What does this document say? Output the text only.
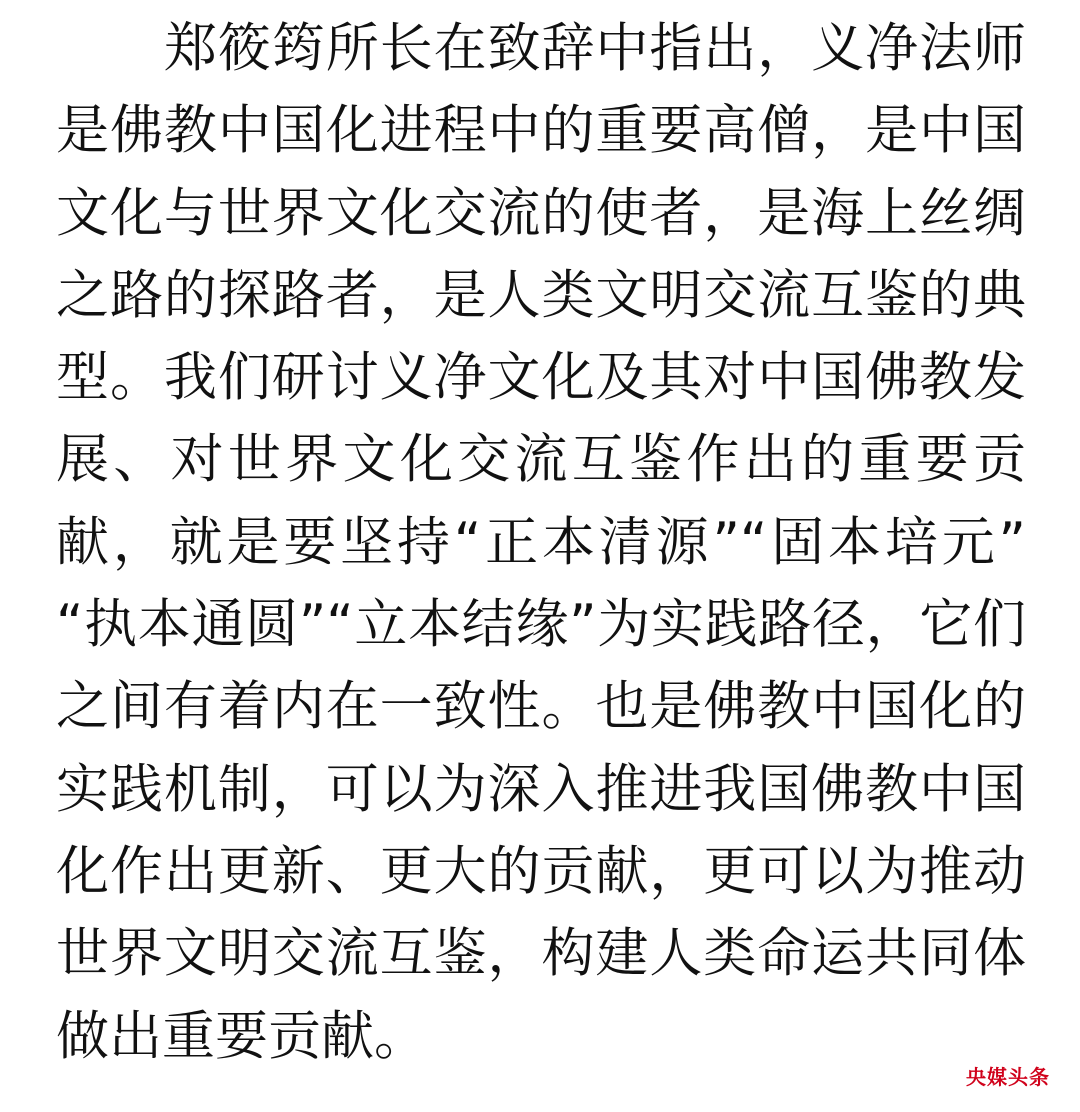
郑筱筠所长在致辞中指出，义净法师
是佛教中国化进程中的重要高僧，是中国
文化与世界文化交流的使者，是海上丝绸
之路的探路者，是人类文明交流互鉴的典
型。我们研讨义净文化及其对中国佛教发
展、对世界文化交流互鉴作出的重要贡
献，就是要坚持“正本清源”“固本培元”
“执本通圆”“立本结缘”为实践路径，它们
之间有着内在一致性。也是佛教中国化的
实践机制，可以为深入推进我国佛教中国
化作出更新、更大的贡献，更可以为推动
世界文明交流互鉴，构建人类命运共同体
做出重要贡献。
央媒头条
